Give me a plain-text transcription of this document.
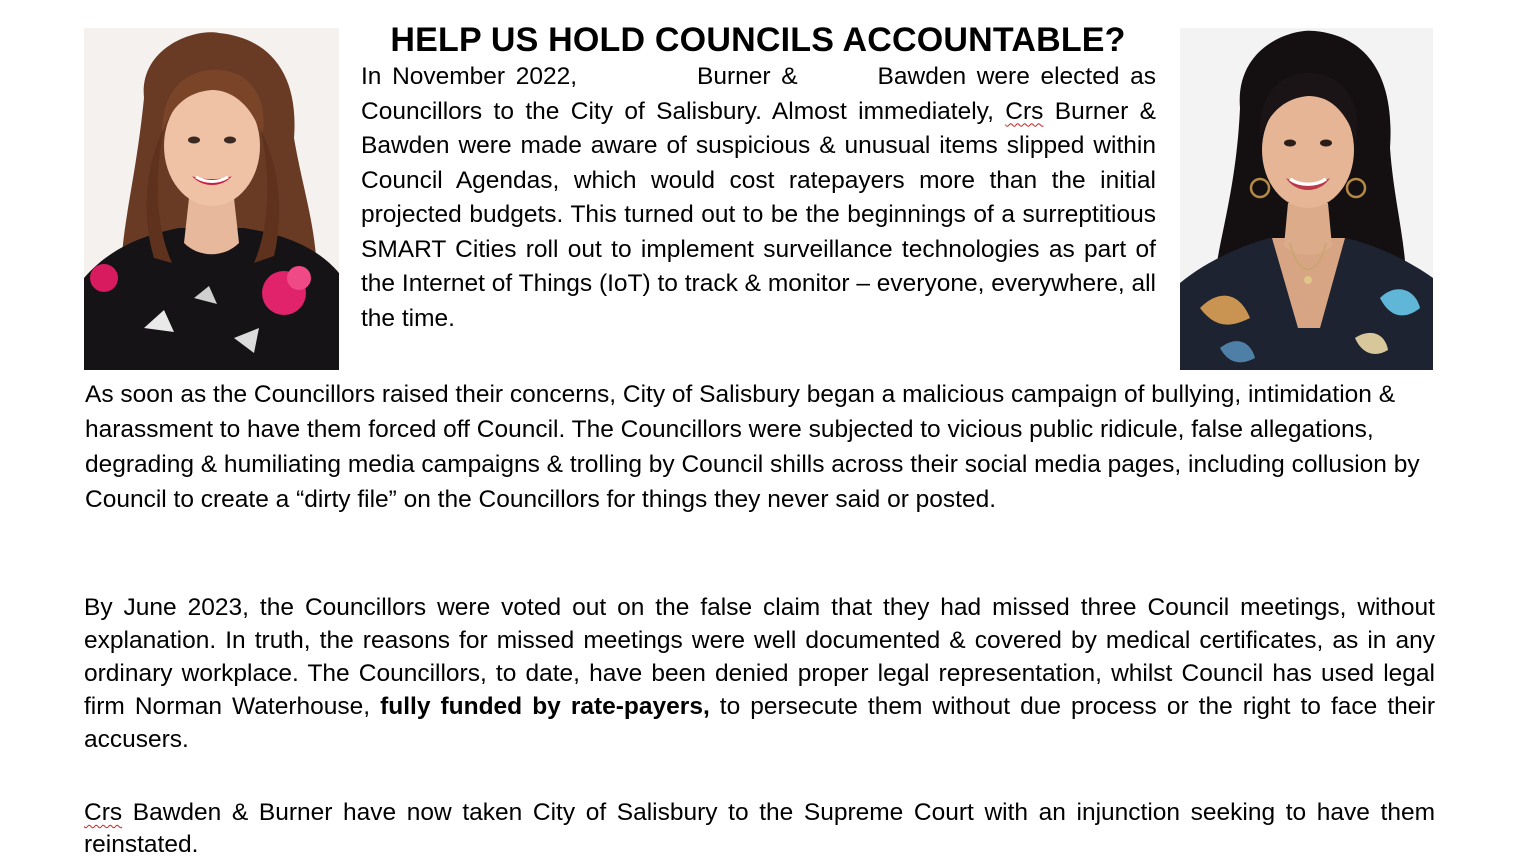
HELP US HOLD COUNCILS ACCOUNTABLE?

In November 2022,	Burner &	Bawden were elected as Councillors to the City of Salisbury. Almost immediately, Crs Burner & Bawden were made aware of suspicious & unusual items slipped within Council Agendas, which would cost ratepayers more than the initial projected budgets. This turned out to be the beginnings of a surreptitious SMART Cities roll out to implement surveillance technologies as part of the Internet of Things (IoT) to track & monitor – everyone, everywhere, all the time.

As soon as the Councillors raised their concerns, City of Salisbury began a malicious campaign of bullying, intimidation & harassment to have them forced off Council. The Councillors were subjected to vicious public ridicule, false allegations, degrading & humiliating media campaigns & trolling by Council shills across their social media pages, including collusion by Council to create a “dirty file” on the Councillors for things they never said or posted.

By June 2023, the Councillors were voted out on the false claim that they had missed three Council meetings, without explanation. In truth, the reasons for missed meetings were well documented & covered by medical certificates, as in any ordinary workplace. The Councillors, to date, have been denied proper legal representation, whilst Council has used legal firm Norman Waterhouse, fully funded by rate-payers, to persecute them without due process or the right to face their accusers.

Crs Bawden & Burner have now taken City of Salisbury to the Supreme Court with an injunction seeking to have them reinstated.
